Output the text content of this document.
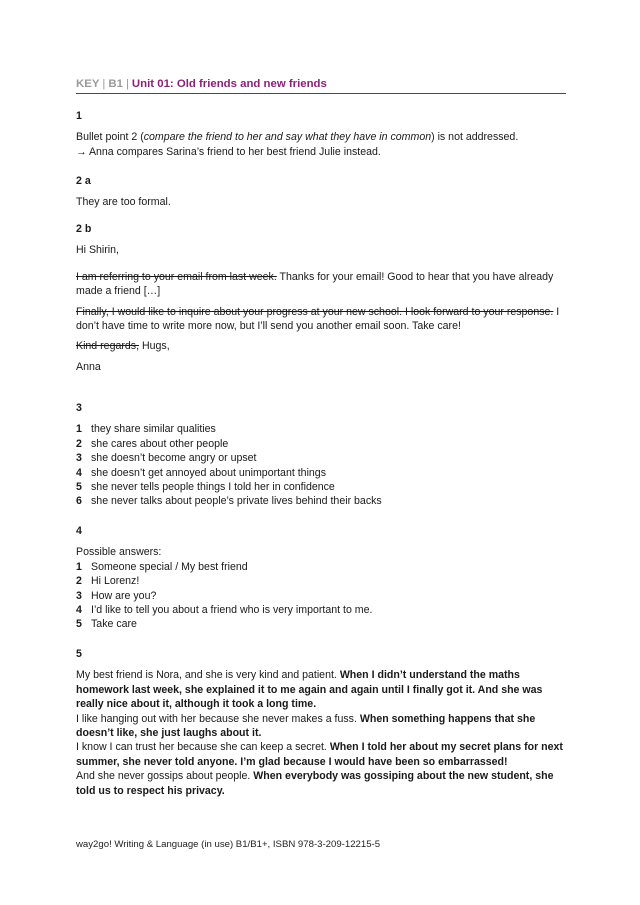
KEY | B1 | Unit 01: Old friends and new friends

1

Bullet point 2 (compare the friend to her and say what they have in common) is not addressed.

→ Anna compares Sarina’s friend to her best friend Julie instead.

2 a

They are too formal.

2 b

Hi Shirin,

I am referring to your email from last week. Thanks for your email! Good to hear that you have already made a friend […]

Finally, I would like to inquire about your progress at your new school. I look forward to your response. I don’t have time to write more now, but I’ll send you another email soon. Take care!

Kind regards, Hugs,

Anna

3

1 they share similar qualities
2 she cares about other people
3 she doesn’t become angry or upset
4 she doesn’t get annoyed about unimportant things
5 she never tells people things I told her in confidence
6 she never talks about people’s private lives behind their backs

4

Possible answers:

1 Someone special / My best friend
2 Hi Lorenz!
3 How are you?
4 I’d like to tell you about a friend who is very important to me.
5 Take care

5

My best friend is Nora, and she is very kind and patient. When I didn’t understand the maths homework last week, she explained it to me again and again until I finally got it. And she was really nice about it, although it took a long time.

I like hanging out with her because she never makes a fuss. When something happens that she doesn’t like, she just laughs about it.

I know I can trust her because she can keep a secret. When I told her about my secret plans for next summer, she never told anyone. I’m glad because I would have been so embarrassed!

And she never gossips about people. When everybody was gossiping about the new student, she told us to respect his privacy.

way2go! Writing & Language (in use) B1/B1+, ISBN 978-3-209-12215-5
